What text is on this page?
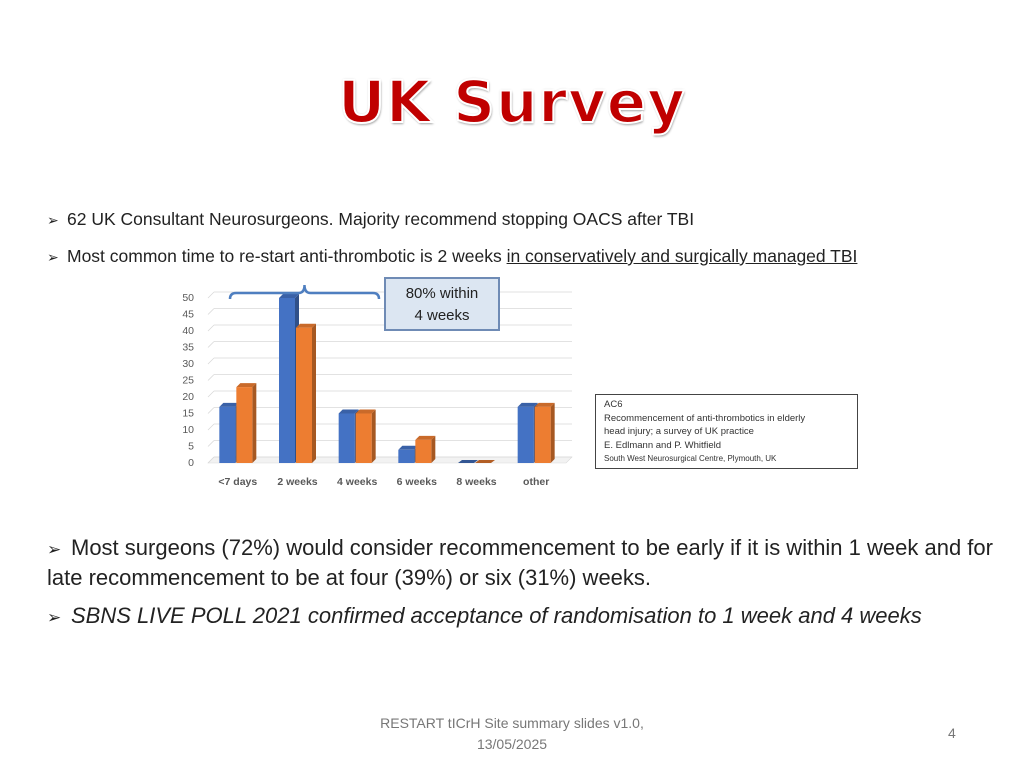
UK Survey
➢ 62 UK Consultant Neurosurgeons. Majority recommend stopping OACS after TBI
➢ Most common time to re-start anti-thrombotic is 2 weeks in conservatively and surgically managed TBI
0
5
10
15
20
25
30
35
40
45
50
<7 days 2 weeks 4 weeks 6 weeks 8 weeks	other
80% within
4 weeks
AC6
Recommencement of anti-thrombotics in elderly
head injury; a survey of UK practice
E. Edlmann and P. Whitfield
South West Neurosurgical Centre, Plymouth, UK
➢ Most surgeons (72%) would consider recommencement to be early if it is within 1 week and for late recommencement to be at four (39%) or six (31%) weeks.
➢ SBNS LIVE POLL 2021 confirmed acceptance of randomisation to 1 week and 4 weeks
RESTART tICrH Site summary slides v1.0,
13/05/2025
4
